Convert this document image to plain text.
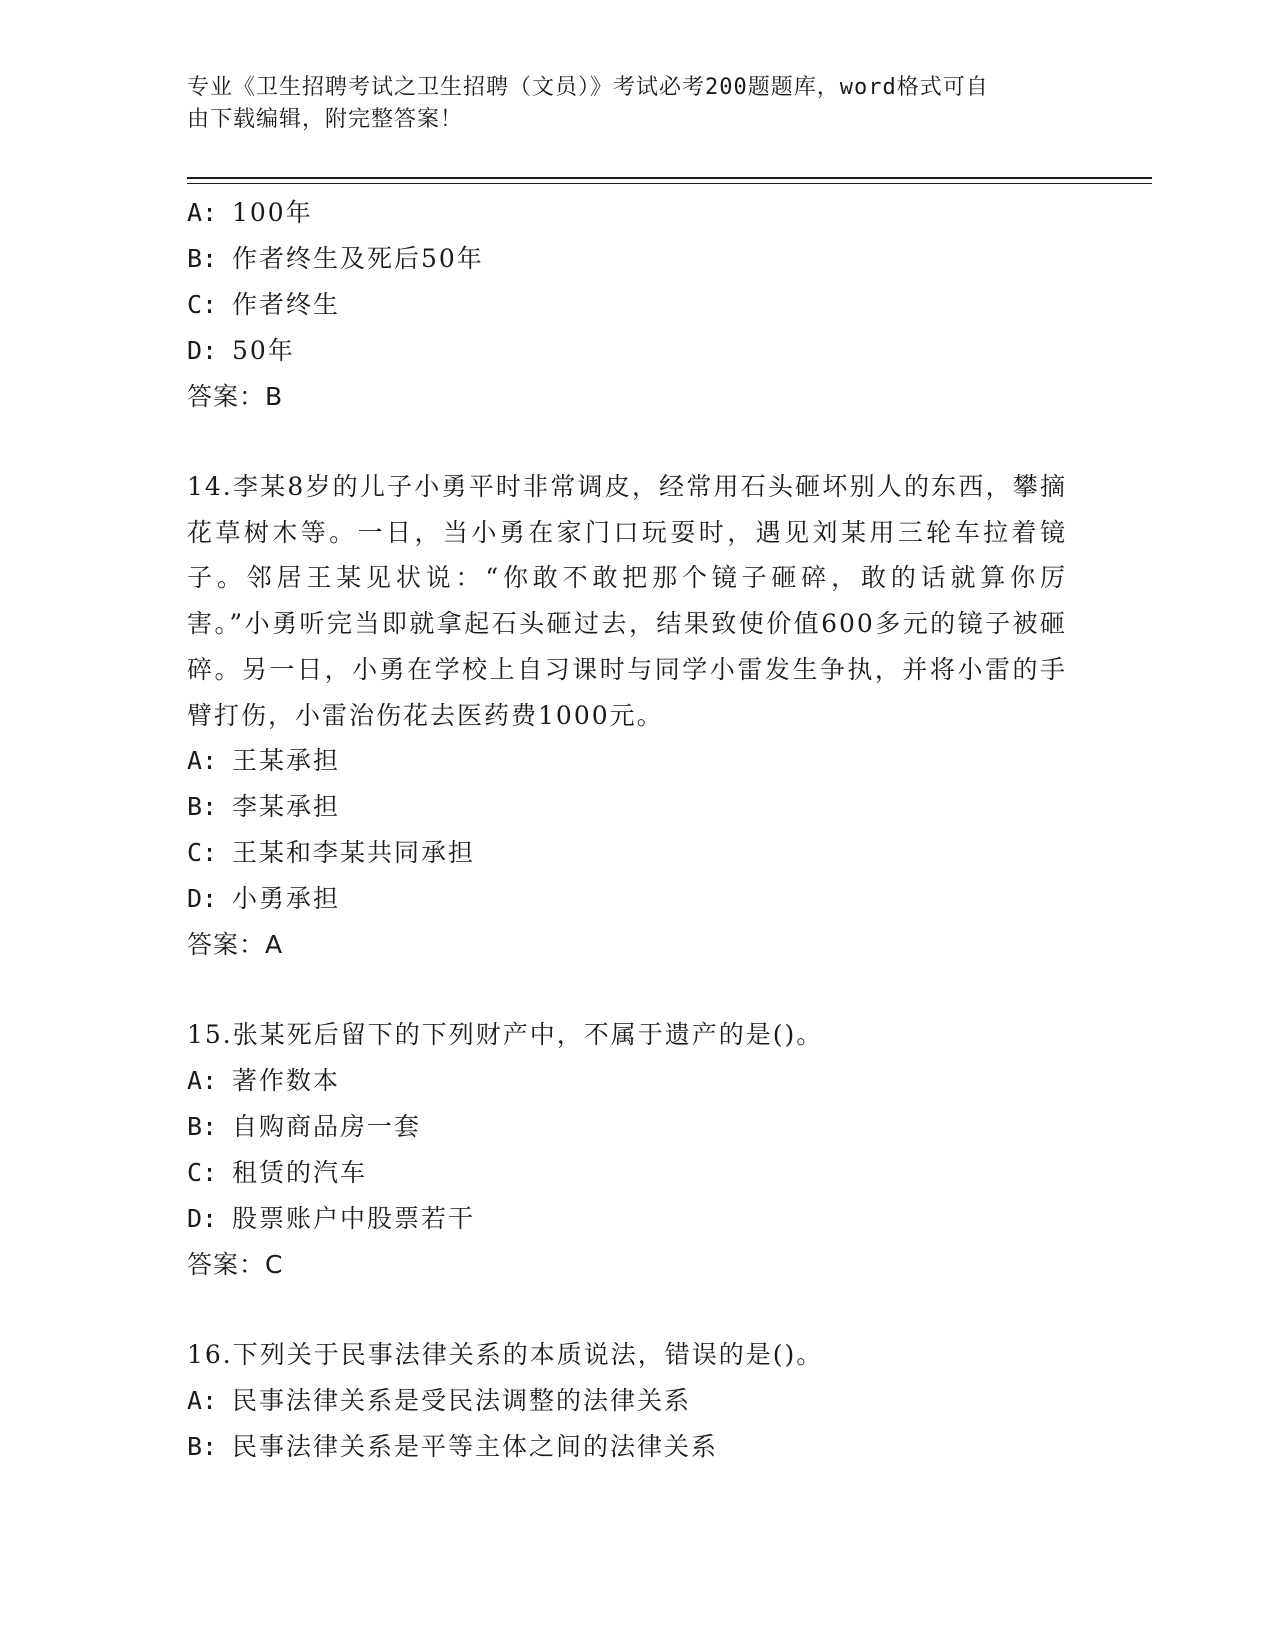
专业《卫生招聘考试之卫生招聘（文员）》考试必考200题题库，word格式可自
由下载编辑，附完整答案！
A: 100年
B: 作者终生及死后50年
C: 作者终生
D: 50年
答案：B
14.李某8岁的儿子小勇平时非常调皮，经常用石头砸坏别人的东西，攀摘花草树木等。一日，当小勇在家门口玩耍时，遇见刘某用三轮车拉着镜子。邻居王某见状说：“你敢不敢把那个镜子砸碎，敢的话就算你厉害。”小勇听完当即就拿起石头砸过去，结果致使价值600多元的镜子被砸碎。另一日，小勇在学校上自习课时与同学小雷发生争执，并将小雷的手臂打伤，小雷治伤花去医药费1000元。
A: 王某承担
B: 李某承担
C: 王某和李某共同承担
D: 小勇承担
答案：A
15.张某死后留下的下列财产中，不属于遗产的是()。
A: 著作数本
B: 自购商品房一套
C: 租赁的汽车
D: 股票账户中股票若干
答案：C
16.下列关于民事法律关系的本质说法，错误的是()。
A: 民事法律关系是受民法调整的法律关系
B: 民事法律关系是平等主体之间的法律关系
